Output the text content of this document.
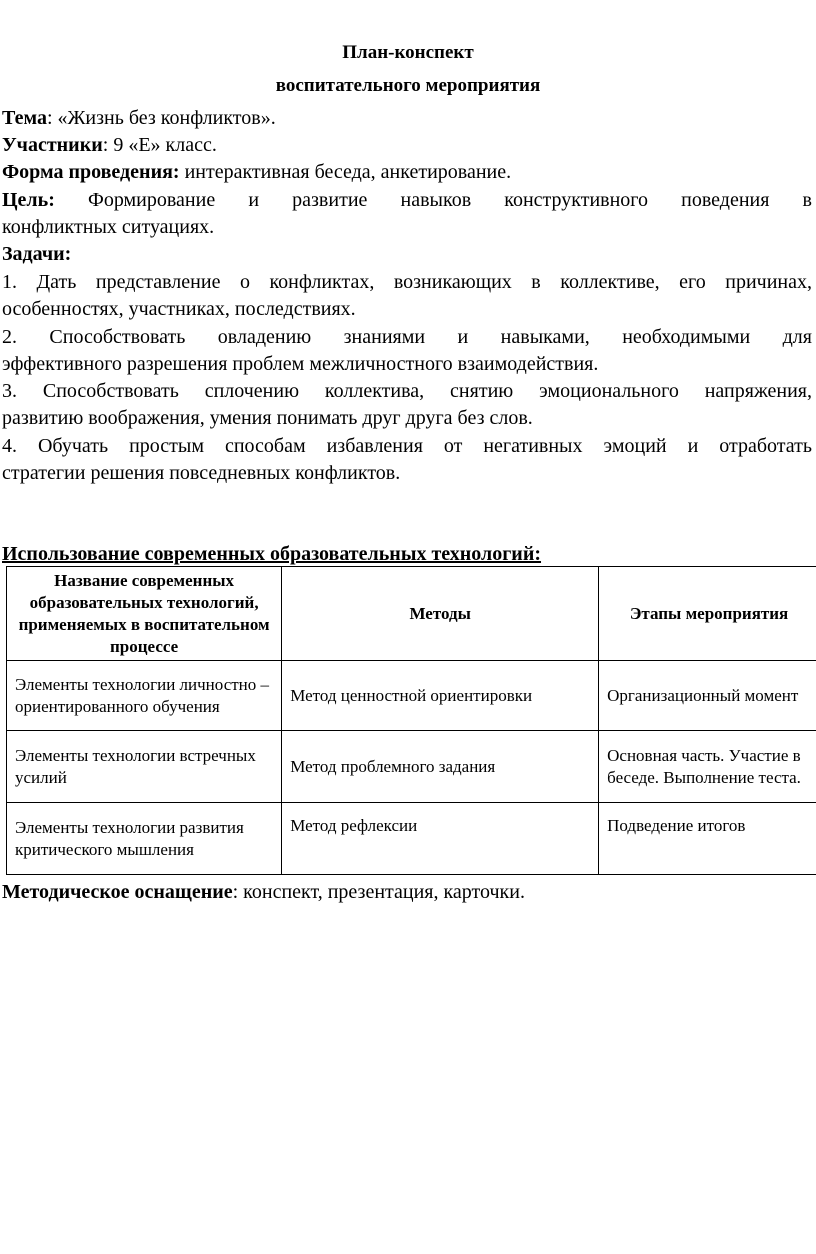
План-конспект
воспитательного мероприятия
Тема: «Жизнь без конфликтов».
Участники: 9 «Е» класс.
Форма проведения: интерактивная беседа, анкетирование.
Цель: Формирование и развитие навыков конструктивного поведения в
конфликтных ситуациях.
Задачи:
1. Дать представление о конфликтах, возникающих в коллективе, его причинах,
особенностях, участниках, последствиях.
2. Способствовать овладению знаниями и навыками, необходимыми для
эффективного разрешения проблем межличностного взаимодействия.
3. Способствовать сплочению коллектива, снятию эмоционального напряжения,
развитию воображения, умения понимать друг друга без слов.
4. Обучать простым способам избавления от негативных эмоций и отработать
стратегии решения повседневных конфликтов.
Использование современных образовательных технологий:
Название современных образовательных технологий, применяемых в воспитательном процессе	Методы	Этапы мероприятия
Элементы технологии личностно – ориентированного обучения	Метод ценностной ориентировки	Организационный момент
Элементы технологии встречных усилий	Метод проблемного задания	Основная часть. Участие в беседе. Выполнение теста.
Элементы технологии развития критического мышления	Метод рефлексии	Подведение итогов
Методическое оснащение: конспект, презентация, карточки.
